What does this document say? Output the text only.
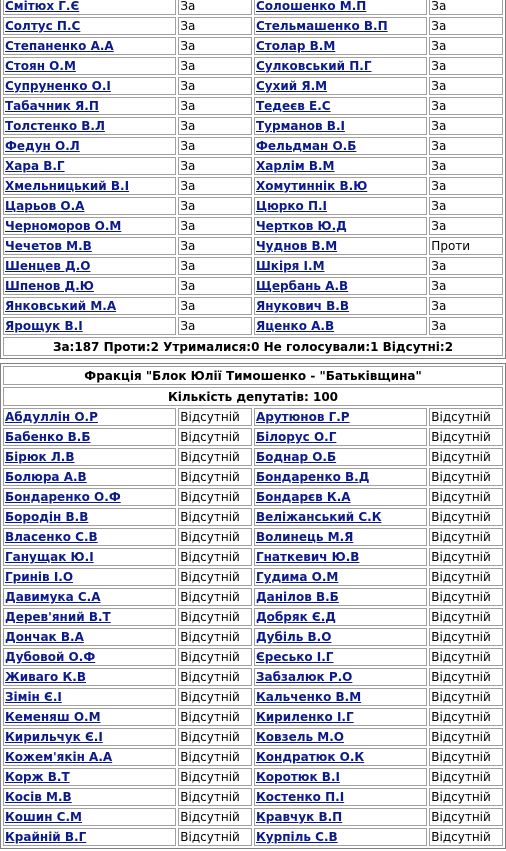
Смітюх Г.Є	За	Солошенко М.П	За
Солтус П.С	За	Стельмашенко В.П	За
Степаненко А.А	За	Столар В.М	За
Стоян О.М	За	Сулковський П.Г	За
Супруненко О.І	За	Сухий Я.М	За
Табачник Я.П	За	Тедеєв Е.С	За
Толстенко В.Л	За	Турманов В.І	За
Федун О.Л	За	Фельдман О.Б	За
Хара В.Г	За	Харлім В.М	За
Хмельницький В.І	За	Хомутиннік В.Ю	За
Царьов О.А	За	Цюрко П.І	За
Черноморов О.М	За	Чертков Ю.Д	За
Чечетов М.В	За	Чуднов В.М	Проти
Шенцев Д.О	За	Шкіря І.М	За
Шпенов Д.Ю	За	Щербань А.В	За
Янковський М.А	За	Янукович В.В	За
Ярощук В.І	За	Яценко А.В	За
За:187 Проти:2 Утрималися:0 Не голосували:1 Відсутні:2			
Фракція "Блок Юлії Тимошенко - "Батьківщина"			
Кількість депутатів: 100			
Абдуллін О.Р	Відсутній	Арутюнов Г.Р	Відсутній
Бабенко В.Б	Відсутній	Білорус О.Г	Відсутній
Бірюк Л.В	Відсутній	Боднар О.Б	Відсутній
Болюра А.В	Відсутній	Бондаренко В.Д	Відсутній
Бондаренко О.Ф	Відсутній	Бондарєв К.А	Відсутній
Бородін В.В	Відсутній	Веліжанський С.К	Відсутній
Власенко С.В	Відсутній	Волинець М.Я	Відсутній
Ганущак Ю.І	Відсутній	Гнаткевич Ю.В	Відсутній
Гринів І.О	Відсутній	Гудима О.М	Відсутній
Давимука С.А	Відсутній	Данілов В.Б	Відсутній
Дерев'яний В.Т	Відсутній	Добряк Є.Д	Відсутній
Дончак В.А	Відсутній	Дубіль В.О	Відсутній
Дубовой О.Ф	Відсутній	Єресько І.Г	Відсутній
Живаго К.В	Відсутній	Забзалюк Р.О	Відсутній
Зімін Є.І	Відсутній	Кальченко В.М	Відсутній
Кеменяш О.М	Відсутній	Кириленко І.Г	Відсутній
Кирильчук Є.І	Відсутній	Ковзель М.О	Відсутній
Кожем'якін А.А	Відсутній	Кондратюк О.К	Відсутній
Корж В.Т	Відсутній	Коротюк В.І	Відсутній
Косів М.В	Відсутній	Костенко П.І	Відсутній
Кошин С.М	Відсутній	Кравчук В.П	Відсутній
Крайній В.Г	Відсутній	Курпіль С.В	Відсутній
